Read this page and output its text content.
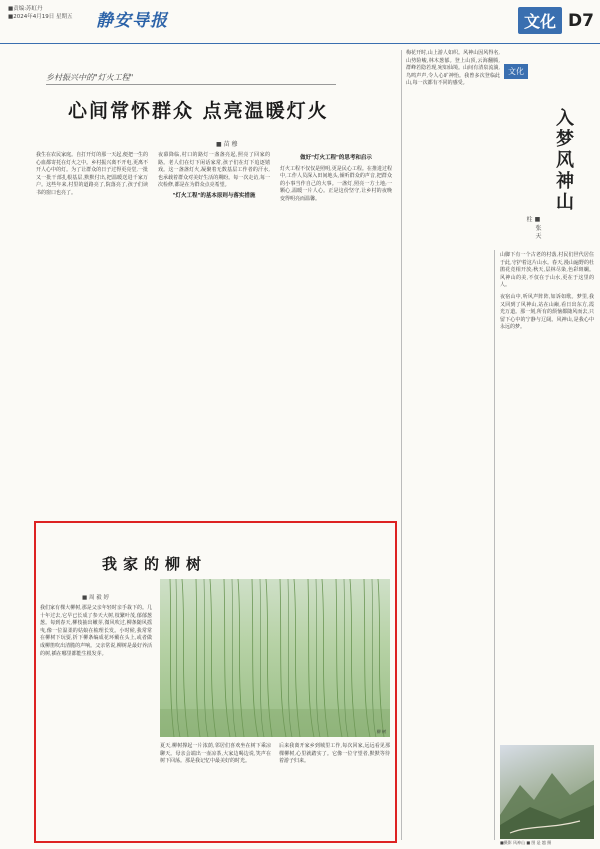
■责编:苏虹丹
■2024年4月19日 星期五 静安导报	文化 D7
乡村振兴中的"灯火工程"
心间常怀群众 点亮温暖灯火
■ 苗 穆
我生在农民家庭。自打开灯的那一天起,便把一生的心血都寄托在灯火之中。乡村振兴离不开电,更离不开人心中的灯。为了让群众的日子过得更亮堂,一批又一批干部扎根基层,默默付出,把温暖送进千家万户。这些年来,村里的道路亮了,院落亮了,孩子们读书的窗口也亮了。
夜幕降临,村口的路灯一盏盏亮起,照亮了回家的路。老人们在灯下闲话家常,孩子们在灯下追逐嬉戏。这一盏盏灯火,凝聚着无数基层工作者的汗水,也承载着群众对美好生活的期盼。每一次走访,每一次检修,都是在为群众点亮希望。
"灯火工程"的基本原则与落实措施
做好"灯火工程"的思考和启示
灯火工程不仅仅是照明,更是民心工程。在推进过程中,工作人员深入田间地头,倾听群众的声音,把群众的小事当作自己的大事。一盏灯,照亮一方土地;一颗心,温暖一片人心。正是这份坚守,让乡村的夜晚变得明亮而温馨。
我家的柳树
■ 周 毅 婷
我们家有棵大柳树,那是父亲年轻时亲手栽下的。几十年过去,它早已长成了参天大树,枝繁叶茂,郁郁葱葱。每到春天,柳枝抽出嫩芽,微风吹过,柳条随风摇曳,像一位温柔的姑娘在梳理长发。小时候,我常常在柳树下玩耍,折下柳条编成花环戴在头上,或者做成柳笛吹出清脆的声响。父亲常说,柳树是最好养活的树,插在哪里都能生根发芽。
柳 树
夏天,柳树撑起一片浓荫,邻居们喜欢坐在树下乘凉聊天。母亲会端出一壶凉茶,大家边喝边说,笑声在树下回荡。那是我记忆中最美好的时光。
后来我离开家乡到城里工作,每次回家,远远看见那棵柳树,心里就踏实了。它像一位守望者,默默等待着游子归来。
梅花开时,山上游人如织。风神山因风得名,山势险峻,林木葱郁。登上山顶,云海翻腾,群峰若隐若现,宛如仙境。山间有清泉流淌,鸟鸣声声,令人心旷神怡。我曾多次登临此山,每一次都有不同的感受。
文化
入梦风神山
■ 张 天 柱
山脚下有一个古老的村落,村民们世代居住于此,守护着这片山水。春天,漫山遍野的杜鹃花竞相开放;秋天,层林尽染,色彩斑斓。风神山的美,不仅在于山水,更在于这里的人。
夜宿山中,听风声阵阵,如诉如歌。梦里,我又回到了风神山,站在山巅,看日出东方,霞光万道。那一刻,所有的烦恼都随风而去,只留下心中的宁静与辽阔。风神山,是我心中永远的梦。
■摄影 风神山 ■ 图 是 越 摄
